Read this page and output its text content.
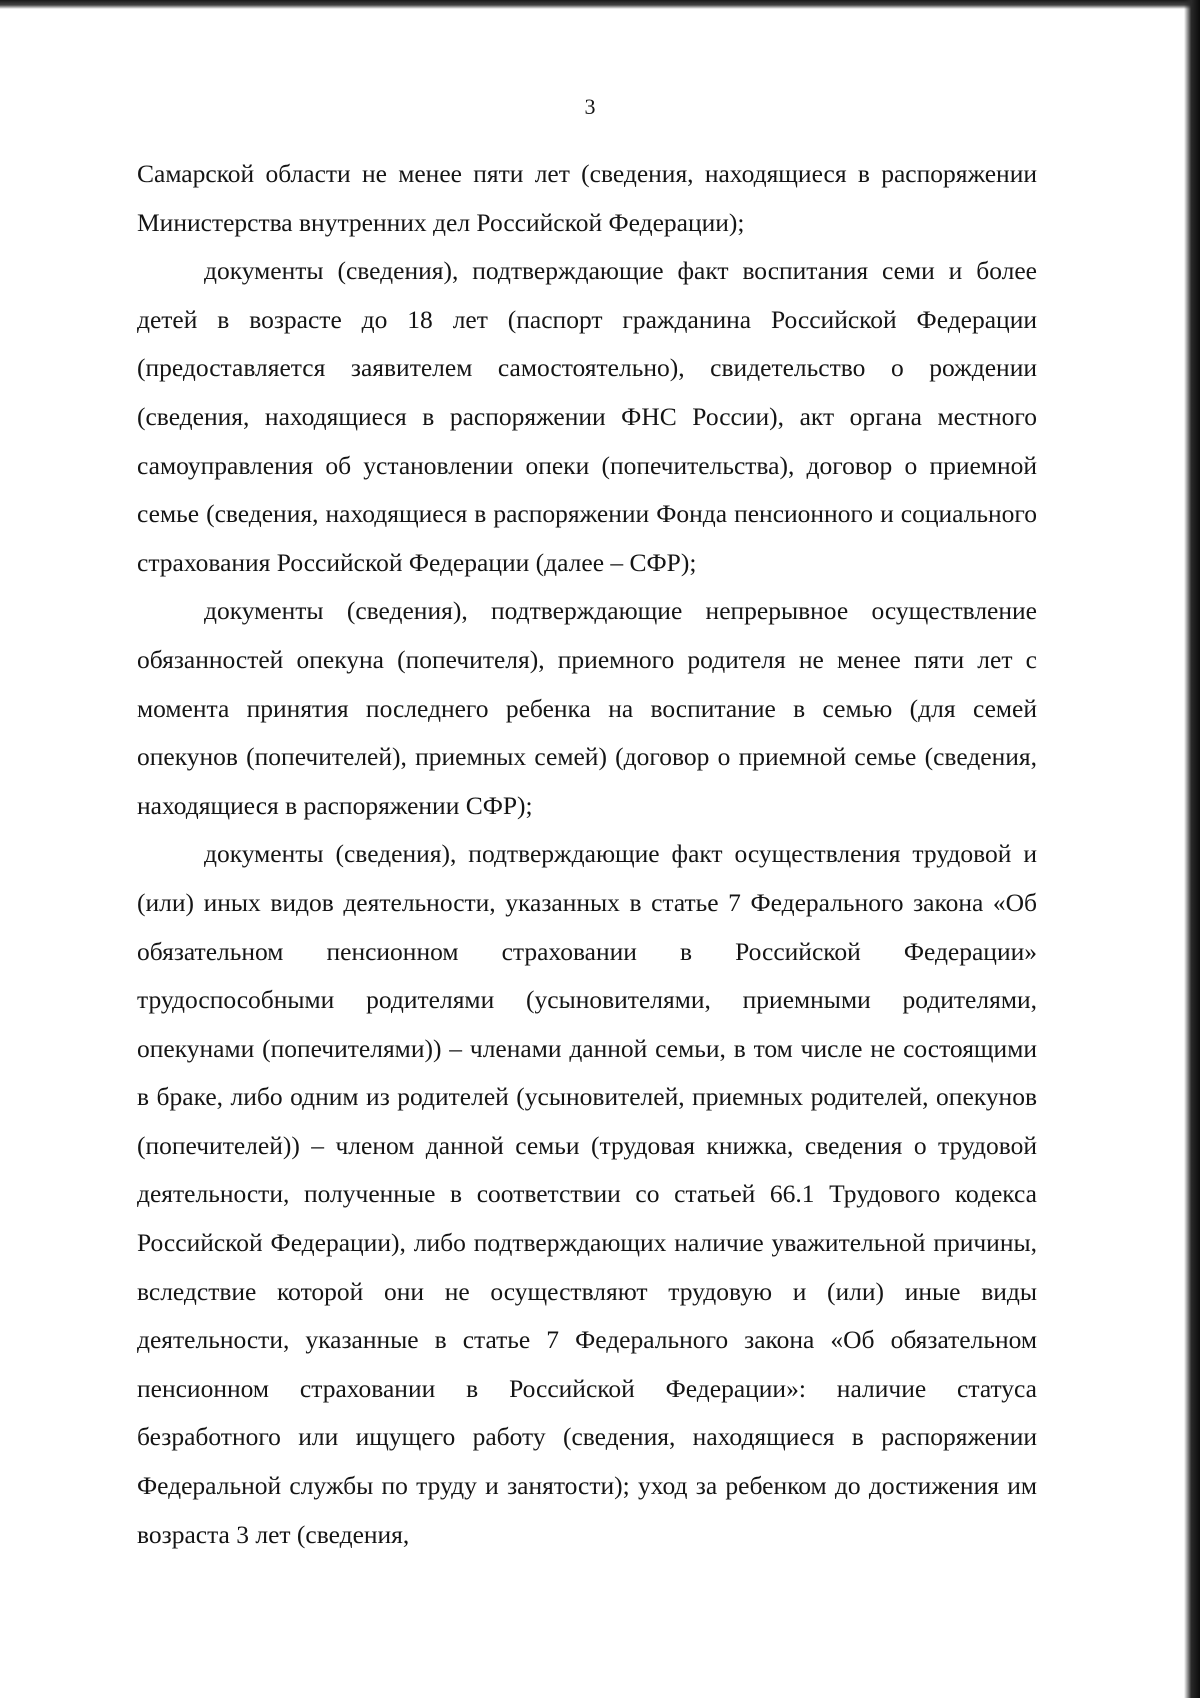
3

Самарской области не менее пяти лет (сведения, находящиеся в распоряжении Министерства внутренних дел Российской Федерации);

документы (сведения), подтверждающие факт воспитания семи и более детей в возрасте до 18 лет (паспорт гражданина Российской Федерации (предоставляется заявителем самостоятельно), свидетельство о рождении (сведения, находящиеся в распоряжении ФНС России), акт органа местного самоуправления об установлении опеки (попечительства), договор о приемной семье (сведения, находящиеся в распоряжении Фонда пенсионного и социального страхования Российской Федерации (далее – СФР);

документы (сведения), подтверждающие непрерывное осуществление обязанностей опекуна (попечителя), приемного родителя не менее пяти лет с момента принятия последнего ребенка на воспитание в семью (для семей опекунов (попечителей), приемных семей) (договор о приемной семье (сведения, находящиеся в распоряжении СФР);

документы (сведения), подтверждающие факт осуществления трудовой и (или) иных видов деятельности, указанных в статье 7 Федерального закона «Об обязательном пенсионном страховании в Российской Федерации» трудоспособными родителями (усыновителями, приемными родителями, опекунами (попечителями)) – членами данной семьи, в том числе не состоящими в браке, либо одним из родителей (усыновителей, приемных родителей, опекунов (попечителей)) – членом данной семьи (трудовая книжка, сведения о трудовой деятельности, полученные в соответствии со статьей 66.1 Трудового кодекса Российской Федерации), либо подтверждающих наличие уважительной причины, вследствие которой они не осуществляют трудовую и (или) иные виды деятельности, указанные в статье 7 Федерального закона «Об обязательном пенсионном страховании в Российской Федерации»: наличие статуса безработного или ищущего работу (сведения, находящиеся в распоряжении Федеральной службы по труду и занятости); уход за ребенком до достижения им возраста 3 лет (сведения,
